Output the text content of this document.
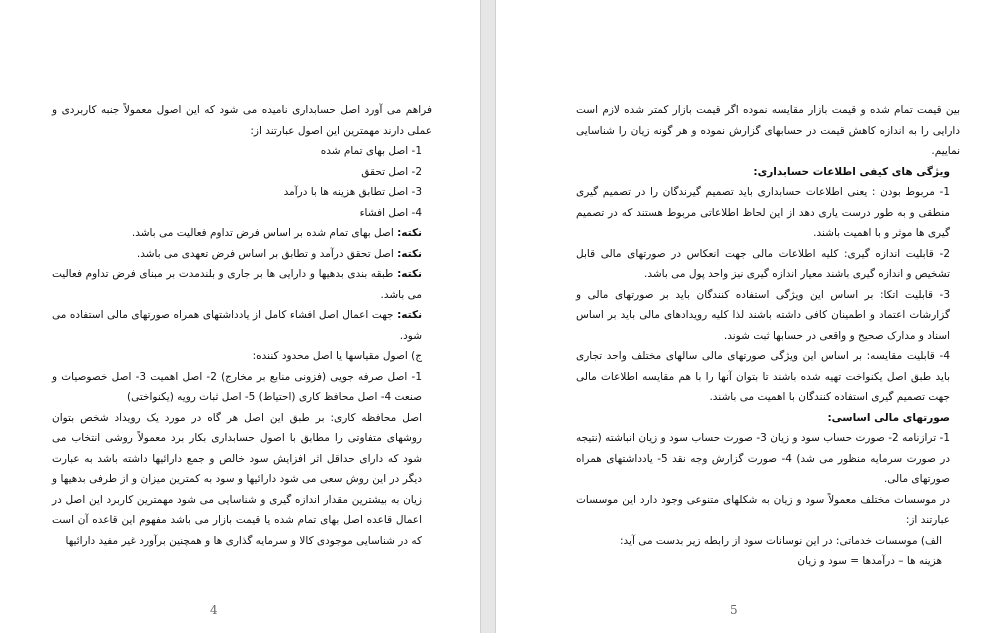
فراهم می آورد اصل حسابداری نامیده می شود که این اصول معمولاً جنبه کاربردی و عملی دارند مهمترین این اصول عبارتند از:

1- اصل بهای تمام شده

2- اصل تحقق

3- اصل تطابق هزینه ها با درآمد

4- اصل افشاء

نکته: اصل بهای تمام شده بر اساس فرض تداوم فعالیت می باشد.

نکته: اصل تحقق درآمد و تطابق بر اساس فرض تعهدی می باشد.

نکته: طبقه بندی بدهیها و دارایی ها بر جاری و بلندمدت بر مبنای فرض تداوم فعالیت می باشد.

نکته: جهت اعمال اصل افشاء کامل از یادداشتهای همراه صورتهای مالی استفاده می شود.

ج) اصول مقیاسها یا اصل محدود کننده:

1- اصل صرفه جویی (فزونی منابع بر مخارج) 2- اصل اهمیت 3- اصل خصوصیات و صنعت 4- اصل محافظ کاری (احتیاط) 5- اصل ثبات رویه (یکنواختی)

اصل محافظه کاری: بر طبق این اصل هر گاه در مورد یک رویداد شخص بتوان روشهای متفاوتی را مطابق با اصول حسابداری بکار برد معمولاً روشی انتخاب می شود که دارای حداقل اثر افزایش سود خالص و جمع دارائیها داشته باشد به عبارت دیگر در این روش سعی می شود دارائیها و سود به کمترین میزان و از طرفی بدهیها و زیان به بیشترین مقدار اندازه گیری و شناسایی می شود مهمترین کاربرد این اصل در اعمال قاعده اصل بهای تمام شده یا قیمت بازار می باشد مفهوم این قاعده آن است که در شناسایی موجودی کالا و سرمایه گذاری ها و همچنین برآورد غیر مفید دارائیها

4

بین قیمت تمام شده و قیمت بازار مقایسه نموده اگر قیمت بازار کمتر شده لازم است دارایی را به اندازه کاهش قیمت در حسابهای گزارش نموده و هر گونه زیان را شناسایی نماییم.

ویژگی های کیفی اطلاعات حسابداری:

1- مربوط بودن : یعنی اطلاعات حسابداری باید تصمیم گیرندگان را در تصمیم گیری منطقی و به طور درست یاری دهد از این لحاظ اطلاعاتی مربوط هستند که در تصمیم گیری ها موثر و با اهمیت باشند.

2- قابلیت اندازه گیری: کلیه اطلاعات مالی جهت انعکاس در صورتهای مالی قابل تشخیص و اندازه گیری باشند معیار اندازه گیری نیز واحد پول می باشد.

3- قابلیت اتکا: بر اساس این ویژگی استفاده کنندگان باید بر صورتهای مالی و گزارشات اعتماد و اطمینان کافی داشته باشند لذا کلیه رویدادهای مالی باید بر اساس اسناد و مدارک صحیح و واقعی در حسابها ثبت شوند.

4- قابلیت مقایسه: بر اساس این ویژگی صورتهای مالی سالهای مختلف واحد تجاری باید طبق اصل یکنواخت تهیه شده باشند تا بتوان آنها را با هم مقایسه اطلاعات مالی جهت تصمیم گیری استفاده کنندگان با اهمیت می باشند.

صورتهای مالی اساسی:

1- ترازنامه 2- صورت حساب سود و زیان 3- صورت حساب سود و زیان انباشته (نتیجه در صورت سرمایه منظور می شد) 4- صورت گزارش وجه نقد 5- یادداشتهای همراه صورتهای مالی.

در موسسات مختلف معمولاً سود و زیان به شکلهای متنوعی وجود دارد این موسسات عبارتند از:

الف) موسسات خدماتی: در این نوسانات سود از رابطه زیر بدست می آید:

هزینه ها – درآمدها = سود و زیان

5
